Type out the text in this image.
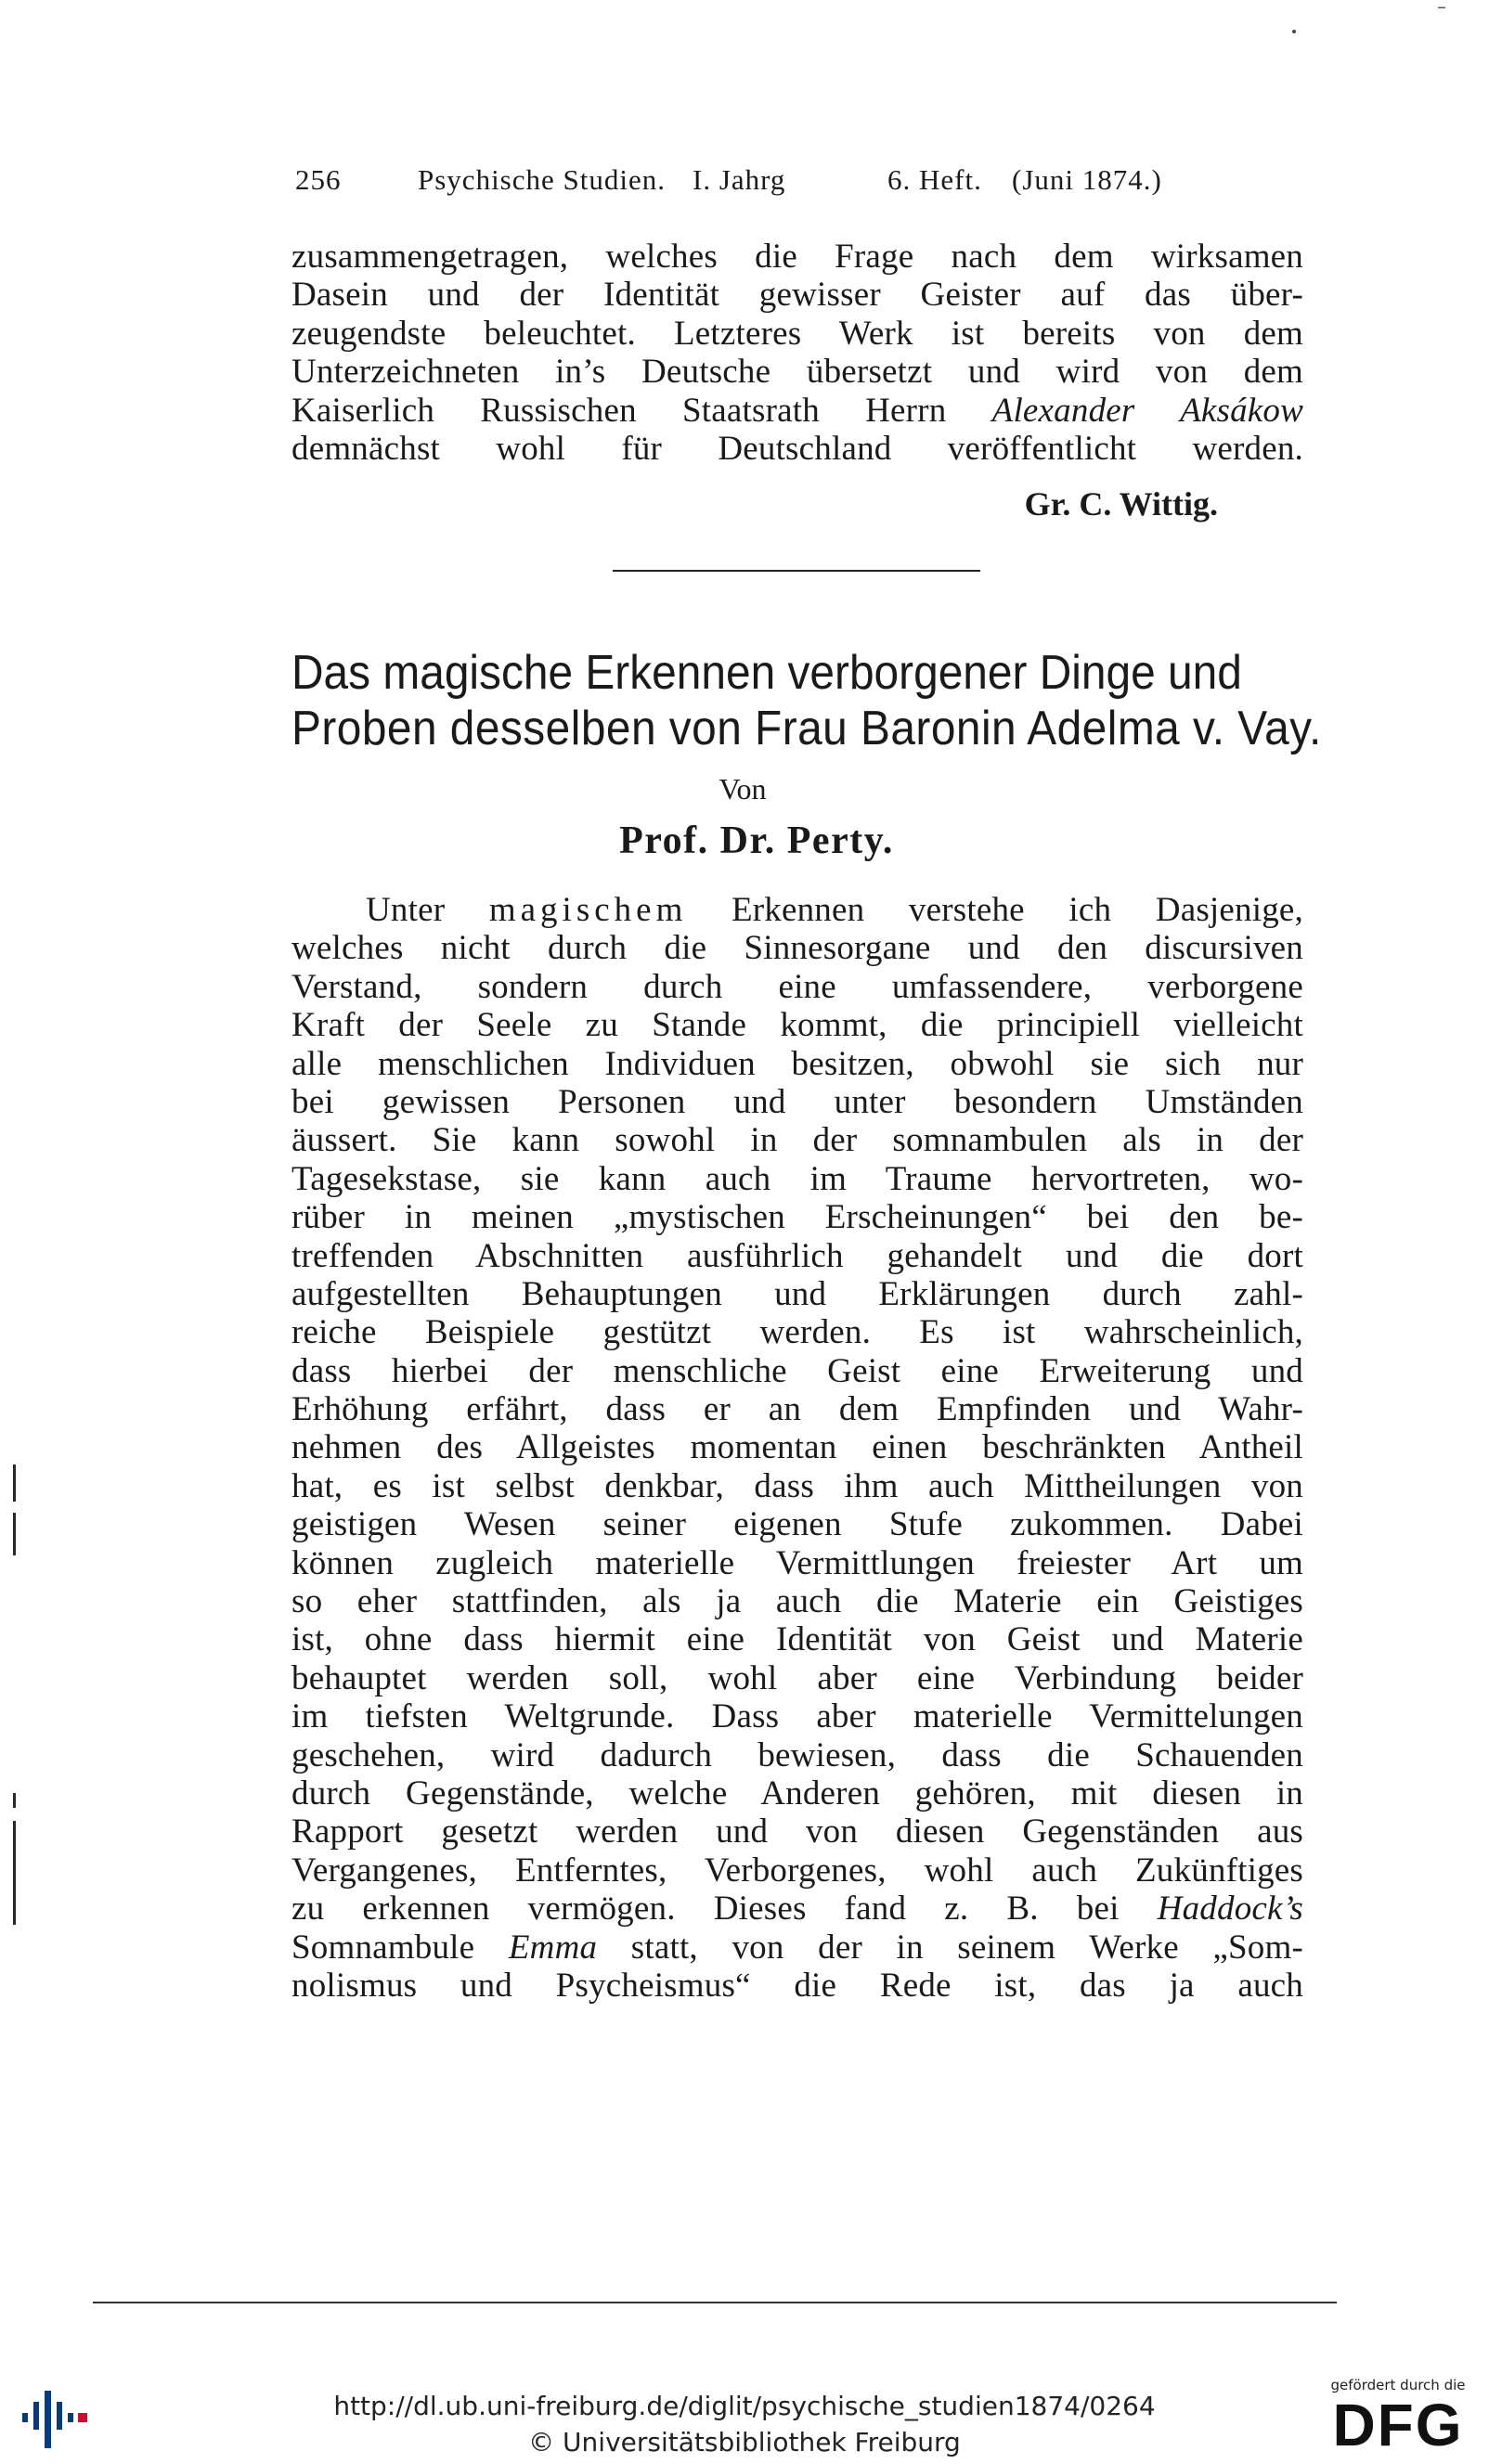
–
256	Psychische Studien. I. Jahrg	6. Heft. (Juni 1874.)
zusammengetragen, welches die Frage nach dem wirksamen
Dasein und der Identität gewisser Geister auf das über-
zeugendste beleuchtet. Letzteres Werk ist bereits von dem
Unterzeichneten in’s Deutsche übersetzt und wird von dem
Kaiserlich Russischen Staatsrath Herrn Alexander Aksákow
demnächst wohl für Deutschland veröffentlicht werden.
Gr. C. Wittig.
Das magische Erkennen verborgener Dinge und
Proben desselben von Frau Baronin Adelma v. Vay.
Von
Prof. Dr. Perty.
Unter magischem Erkennen verstehe ich Dasjenige,
welches nicht durch die Sinnesorgane und den discursiven
Verstand, sondern durch eine umfassendere, verborgene
Kraft der Seele zu Stande kommt, die principiell vielleicht
alle menschlichen Individuen besitzen, obwohl sie sich nur
bei gewissen Personen und unter besondern Umständen
äussert. Sie kann sowohl in der somnambulen als in der
Tagesekstase, sie kann auch im Traume hervortreten, wo-
rüber in meinen „mystischen Erscheinungen“ bei den be-
treffenden Abschnitten ausführlich gehandelt und die dort
aufgestellten Behauptungen und Erklärungen durch zahl-
reiche Beispiele gestützt werden. Es ist wahrscheinlich,
dass hierbei der menschliche Geist eine Erweiterung und
Erhöhung erfährt, dass er an dem Empfinden und Wahr-
nehmen des Allgeistes momentan einen beschränkten Antheil
hat, es ist selbst denkbar, dass ihm auch Mittheilungen von
geistigen Wesen seiner eigenen Stufe zukommen. Dabei
können zugleich materielle Vermittlungen freiester Art um
so eher stattfinden, als ja auch die Materie ein Geistiges
ist, ohne dass hiermit eine Identität von Geist und Materie
behauptet werden soll, wohl aber eine Verbindung beider
im tiefsten Weltgrunde. Dass aber materielle Vermittelungen
geschehen, wird dadurch bewiesen, dass die Schauenden
durch Gegenstände, welche Anderen gehören, mit diesen in
Rapport gesetzt werden und von diesen Gegenständen aus
Vergangenes, Entferntes, Verborgenes, wohl auch Zukünftiges
zu erkennen vermögen. Dieses fand z. B. bei Haddock’s
Somnambule Emma statt, von der in seinem Werke „Som-
nolismus und Psycheismus“ die Rede ist, das ja auch
http://dl.ub.uni-freiburg.de/diglit/psychische_studien1874/0264
© Universitätsbibliothek Freiburg
gefördert durch die
DFG
